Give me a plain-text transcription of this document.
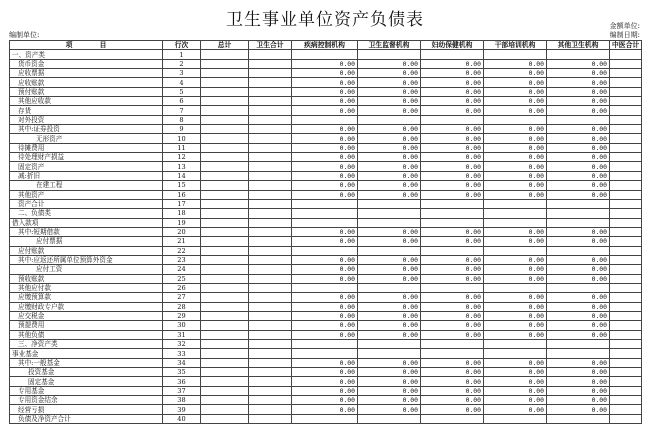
卫生事业单位资产负债表	金额单位:
编制日期:
编制单位:
项　　　　目	行次	总计	卫生合计	疾病控制机构	卫生监督机构	妇幼保健机构	干部培训机构	其他卫生机构	中医合计
一、资产类	1								
货币资金	2			0.00	0.00	0.00	0.00	0.00	
应收票据	3			0.00	0.00	0.00	0.00	0.00	
应收账款	4			0.00	0.00	0.00	0.00	0.00	
预付账款	5			0.00	0.00	0.00	0.00	0.00	
其他应收款	6			0.00	0.00	0.00	0.00	0.00	
存货	7			0.00	0.00	0.00	0.00	0.00	
对外投资	8								
其中:证券投资	9			0.00	0.00	0.00	0.00	0.00	
无形资产	10			0.00	0.00	0.00	0.00	0.00	
待摊费用	11			0.00	0.00	0.00	0.00	0.00	
待处理财产损益	12			0.00	0.00	0.00	0.00	0.00	
固定资产	13			0.00	0.00	0.00	0.00	0.00	
减:折旧	14			0.00	0.00	0.00	0.00	0.00	
在建工程	15			0.00	0.00	0.00	0.00	0.00	
其他资产	16			0.00	0.00	0.00	0.00	0.00	
资产合计	17								
二、负债类	18								
借入款项	19								
其中:短期借款	20			0.00	0.00	0.00	0.00	0.00	
应付票据	21			0.00	0.00	0.00	0.00	0.00	
应付账款	22								
其中:应返还所属单位预算外资金	23			0.00	0.00	0.00	0.00	0.00	
应付工资	24			0.00	0.00	0.00	0.00	0.00	
预收账款	25			0.00	0.00	0.00	0.00	0.00	
其他应付款	26								
应缴预算款	27			0.00	0.00	0.00	0.00	0.00	
应缴财政专户款	28			0.00	0.00	0.00	0.00	0.00	
应交税金	29			0.00	0.00	0.00	0.00	0.00	
预提费用	30			0.00	0.00	0.00	0.00	0.00	
其他负债	31			0.00	0.00	0.00	0.00	0.00	
三、净资产类	32								
事业基金	33								
其中:一般基金	34			0.00	0.00	0.00	0.00	0.00	
投资基金	35			0.00	0.00	0.00	0.00	0.00	
固定基金	36			0.00	0.00	0.00	0.00	0.00	
专用基金	37			0.00	0.00	0.00	0.00	0.00	
专用资金结余	38			0.00	0.00	0.00	0.00	0.00	
经营亏损	39			0.00	0.00	0.00	0.00	0.00	
负债及净资产合计	40								
